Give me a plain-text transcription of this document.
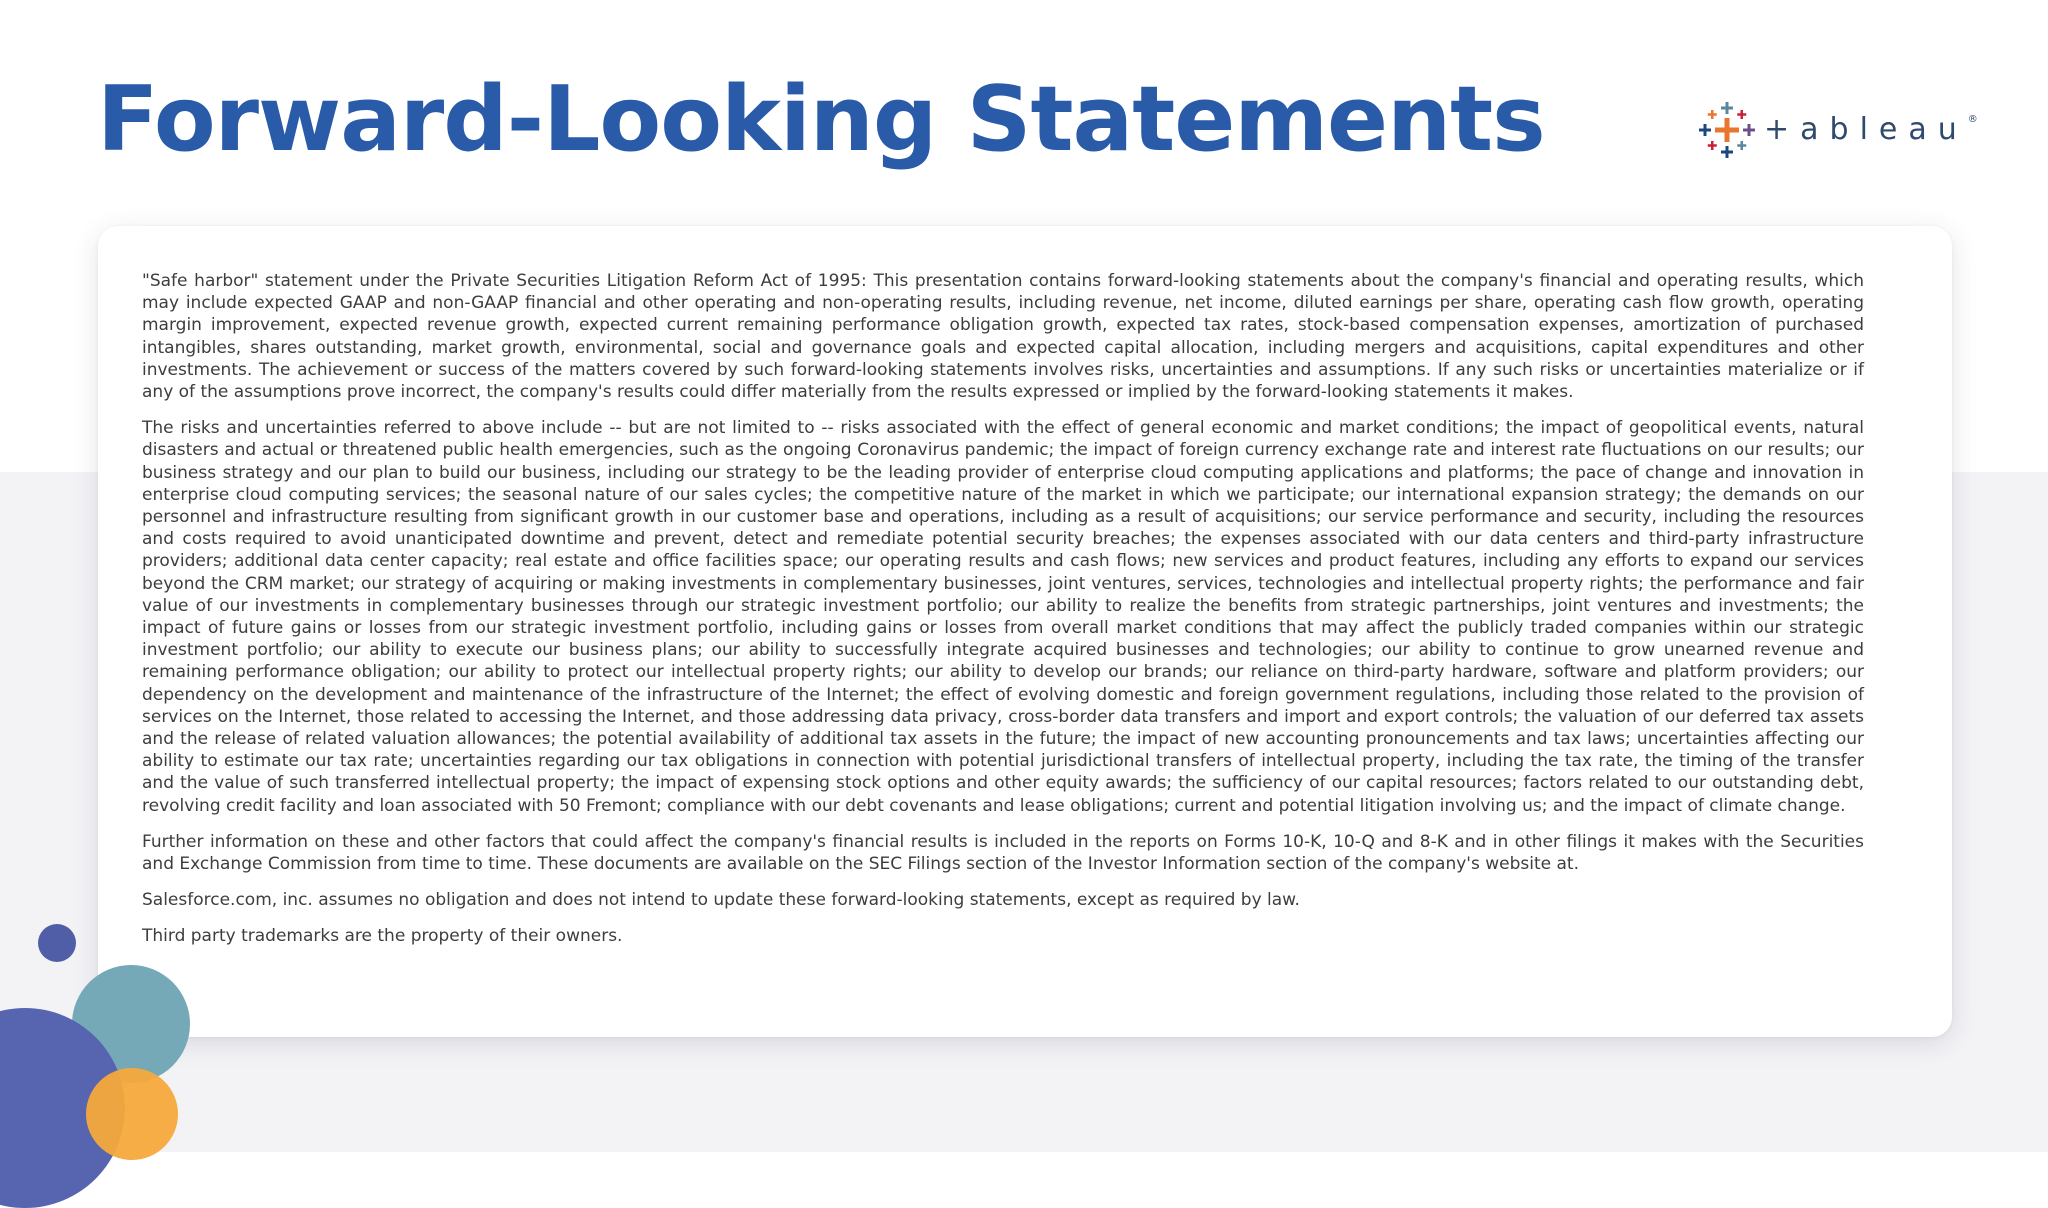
Forward-Looking Statements	+ableau®

"Safe harbor" statement under the Private Securities Litigation Reform Act of 1995: This presentation contains forward-looking statements about the company's financial and operating results, which may include expected GAAP and non-GAAP financial and other operating and non-operating results, including revenue, net income, diluted earnings per share, operating cash flow growth, operating margin improvement, expected revenue growth, expected current remaining performance obligation growth, expected tax rates, stock-based compensation expenses, amortization of purchased intangibles, shares outstanding, market growth, environmental, social and governance goals and expected capital allocation, including mergers and acquisitions, capital expenditures and other investments. The achievement or success of the matters covered by such forward-looking statements involves risks, uncertainties and assumptions. If any such risks or uncertainties materialize or if any of the assumptions prove incorrect, the company's results could differ materially from the results expressed or implied by the forward-looking statements it makes.

The risks and uncertainties referred to above include -- but are not limited to -- risks associated with the effect of general economic and market conditions; the impact of geopolitical events, natural disasters and actual or threatened public health emergencies, such as the ongoing Coronavirus pandemic; the impact of foreign currency exchange rate and interest rate fluctuations on our results; our business strategy and our plan to build our business, including our strategy to be the leading provider of enterprise cloud computing applications and platforms; the pace of change and innovation in enterprise cloud computing services; the seasonal nature of our sales cycles; the competitive nature of the market in which we participate; our international expansion strategy; the demands on our personnel and infrastructure resulting from significant growth in our customer base and operations, including as a result of acquisitions; our service performance and security, including the resources and costs required to avoid unanticipated downtime and prevent, detect and remediate potential security breaches; the expenses associated with our data centers and third-party infrastructure providers; additional data center capacity; real estate and office facilities space; our operating results and cash flows; new services and product features, including any efforts to expand our services beyond the CRM market; our strategy of acquiring or making investments in complementary businesses, joint ventures, services, technologies and intellectual property rights; the performance and fair value of our investments in complementary businesses through our strategic investment portfolio; our ability to realize the benefits from strategic partnerships, joint ventures and investments; the impact of future gains or losses from our strategic investment portfolio, including gains or losses from overall market conditions that may affect the publicly traded companies within our strategic investment portfolio; our ability to execute our business plans; our ability to successfully integrate acquired businesses and technologies; our ability to continue to grow unearned revenue and remaining performance obligation; our ability to protect our intellectual property rights; our ability to develop our brands; our reliance on third-party hardware, software and platform providers; our dependency on the development and maintenance of the infrastructure of the Internet; the effect of evolving domestic and foreign government regulations, including those related to the provision of services on the Internet, those related to accessing the Internet, and those addressing data privacy, cross-border data transfers and import and export controls; the valuation of our deferred tax assets and the release of related valuation allowances; the potential availability of additional tax assets in the future; the impact of new accounting pronouncements and tax laws; uncertainties affecting our ability to estimate our tax rate; uncertainties regarding our tax obligations in connection with potential jurisdictional transfers of intellectual property, including the tax rate, the timing of the transfer and the value of such transferred intellectual property; the impact of expensing stock options and other equity awards; the sufficiency of our capital resources; factors related to our outstanding debt, revolving credit facility and loan associated with 50 Fremont; compliance with our debt covenants and lease obligations; current and potential litigation involving us; and the impact of climate change.

Further information on these and other factors that could affect the company's financial results is included in the reports on Forms 10-K, 10-Q and 8-K and in other filings it makes with the Securities and Exchange Commission from time to time. These documents are available on the SEC Filings section of the Investor Information section of the company's website at.

Salesforce.com, inc. assumes no obligation and does not intend to update these forward-looking statements, except as required by law.

Third party trademarks are the property of their owners.
